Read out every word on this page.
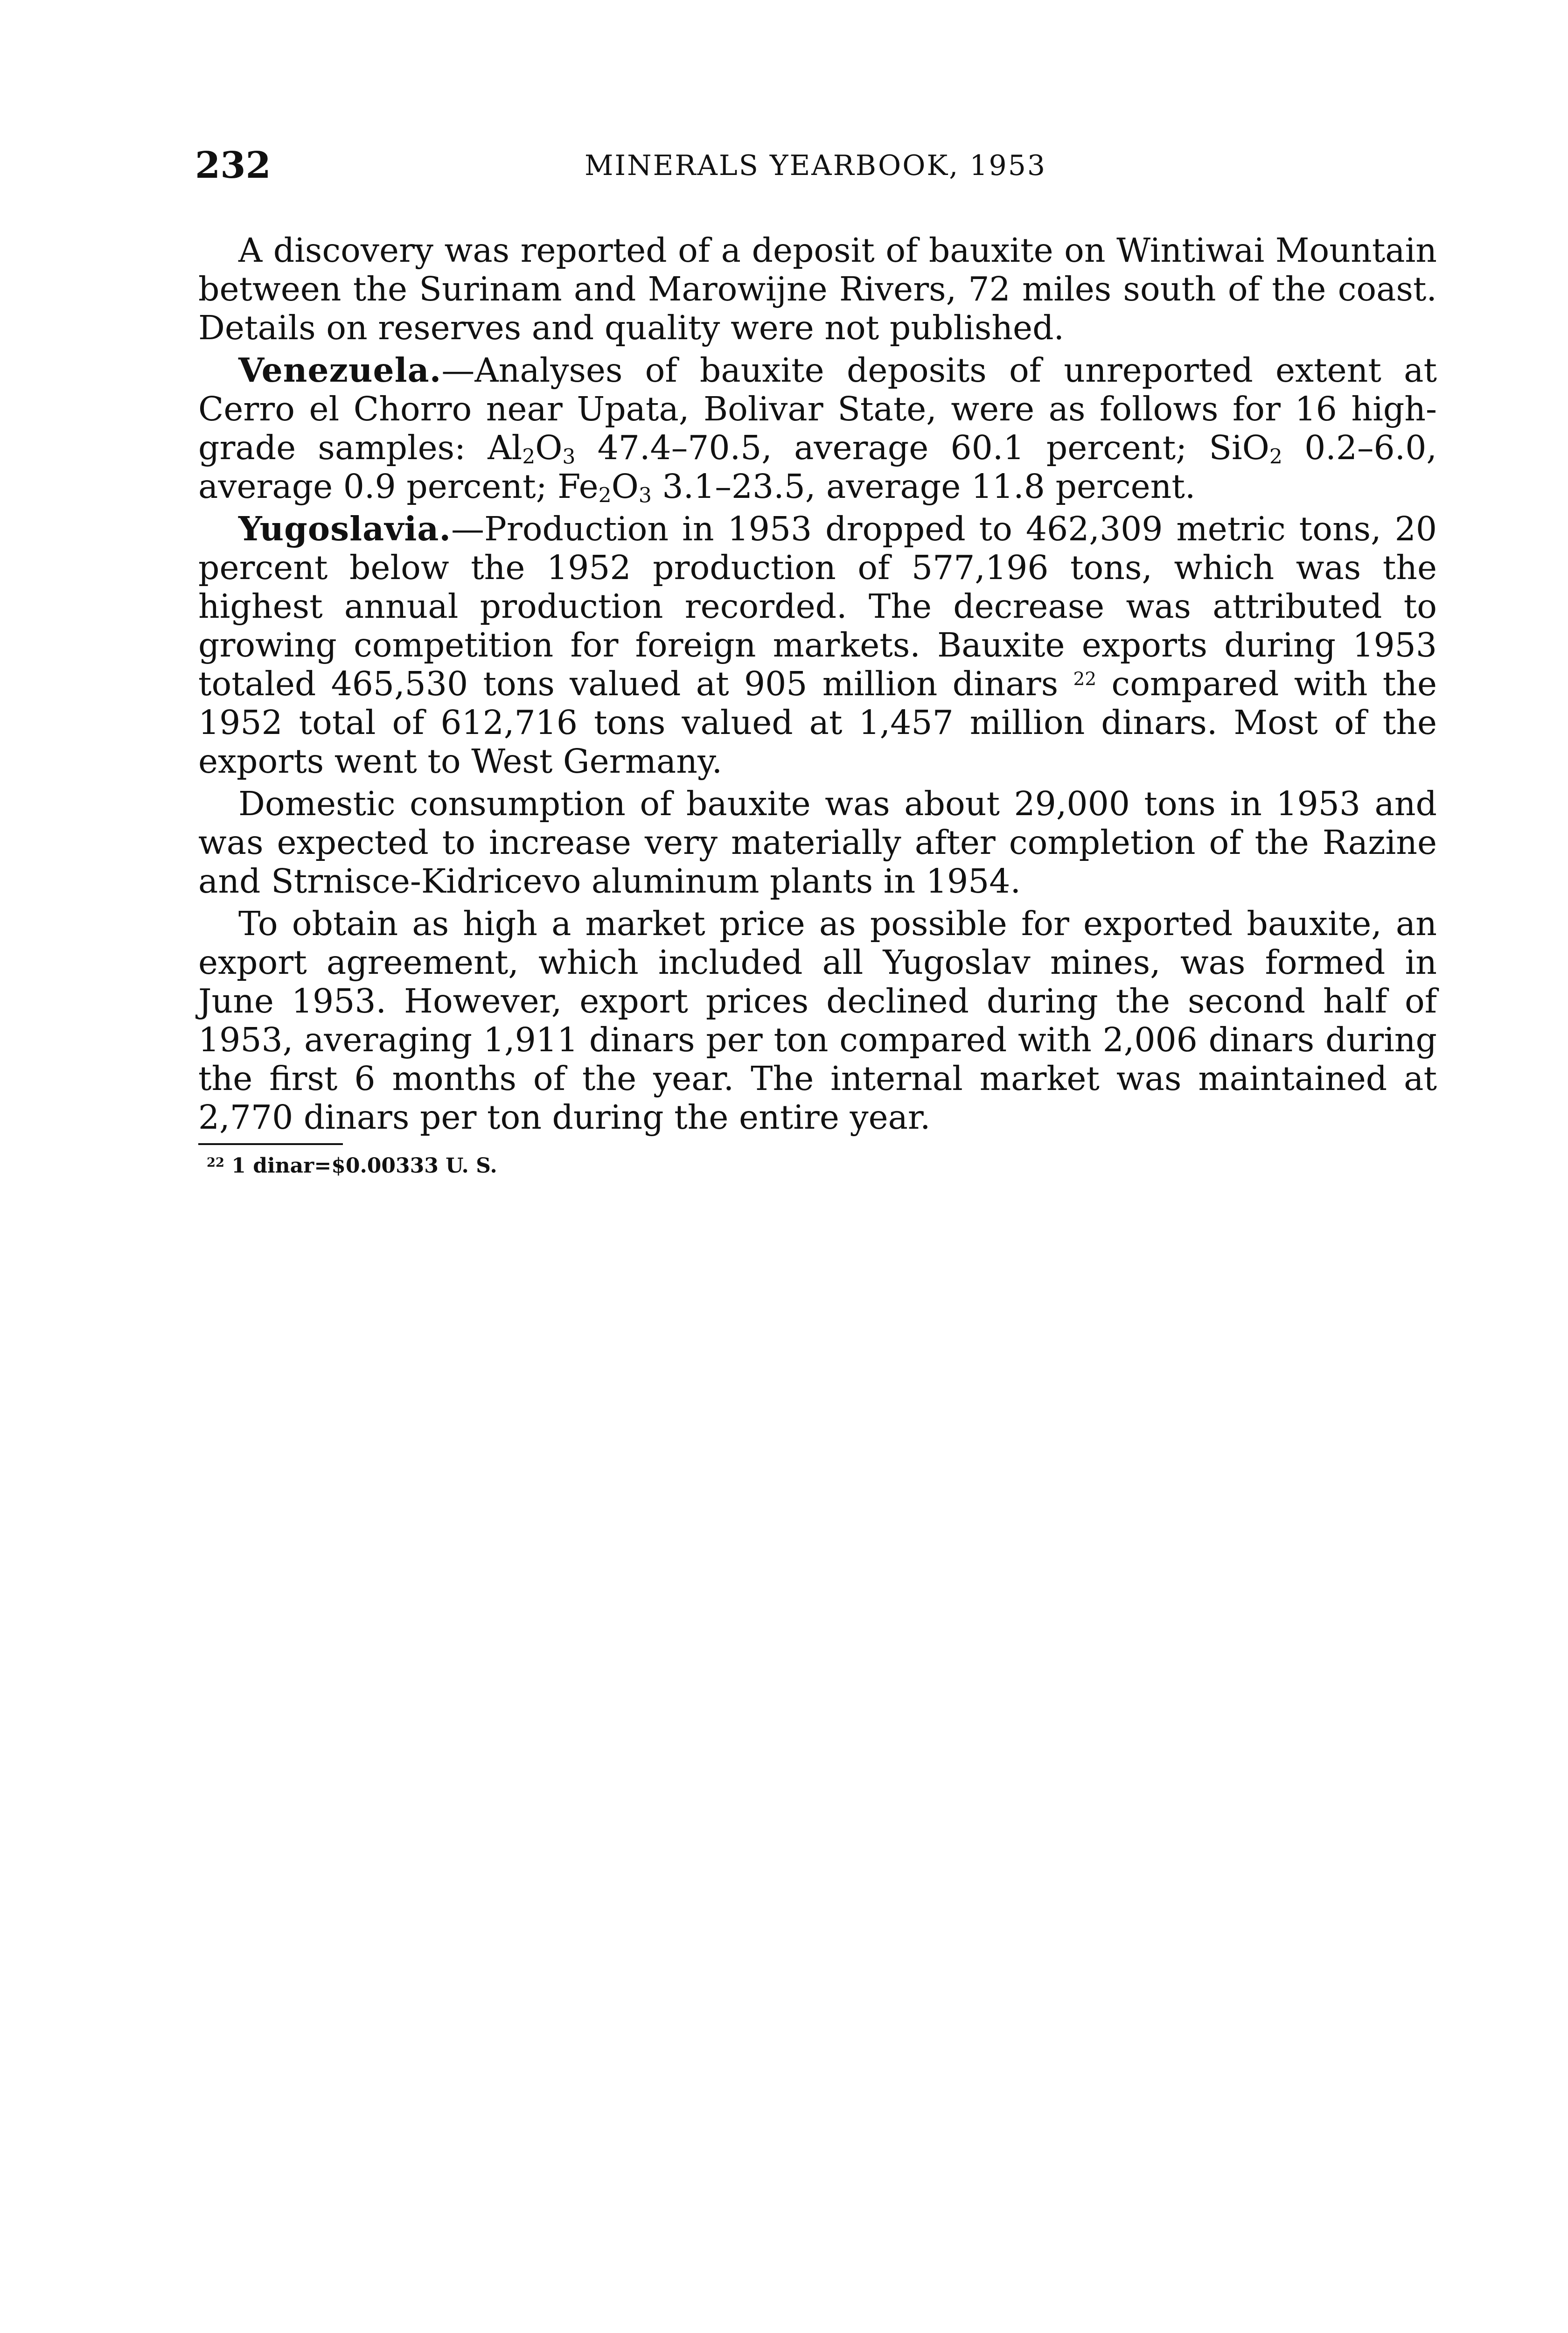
232	MINERALS YEARBOOK, 1953

A discovery was reported of a deposit of bauxite on Wintiwai Mountain between the Surinam and Marowijne Rivers, 72 miles south of the coast. Details on reserves and quality were not published.

Venezuela.—Analyses of bauxite deposits of unreported extent at Cerro el Chorro near Upata, Bolivar State, were as follows for 16 high-grade samples: $Al_2O_3$ 47.4–70.5, average 60.1 percent; SiO$_2$ 0.2–6.0, average 0.9 percent; $Fe_2O_3$ 3.1–23.5, average 11.8 percent.

Yugoslavia.—Production in 1953 dropped to 462,309 metric tons, 20 percent below the 1952 production of 577,196 tons, which was the highest annual production recorded. The decrease was attributed to growing competition for foreign markets. Bauxite exports during 1953 totaled 465,530 tons valued at 905 million dinars $^{22}$ compared with the 1952 total of 612,716 tons valued at 1,457 million dinars. Most of the exports went to West Germany.

Domestic consumption of bauxite was about 29,000 tons in 1953 and was expected to increase very materially after completion of the Razine and Strnisce-Kidricevo aluminum plants in 1954.

To obtain as high a market price as possible for exported bauxite, an export agreement, which included all Yugoslav mines, was formed in June 1953. However, export prices declined during the second half of 1953, averaging 1,911 dinars per ton compared with 2,006 dinars during the first 6 months of the year. The internal market was maintained at 2,770 dinars per ton during the entire year.

$^{22}$ 1 dinar=$0.00333 U. S.
